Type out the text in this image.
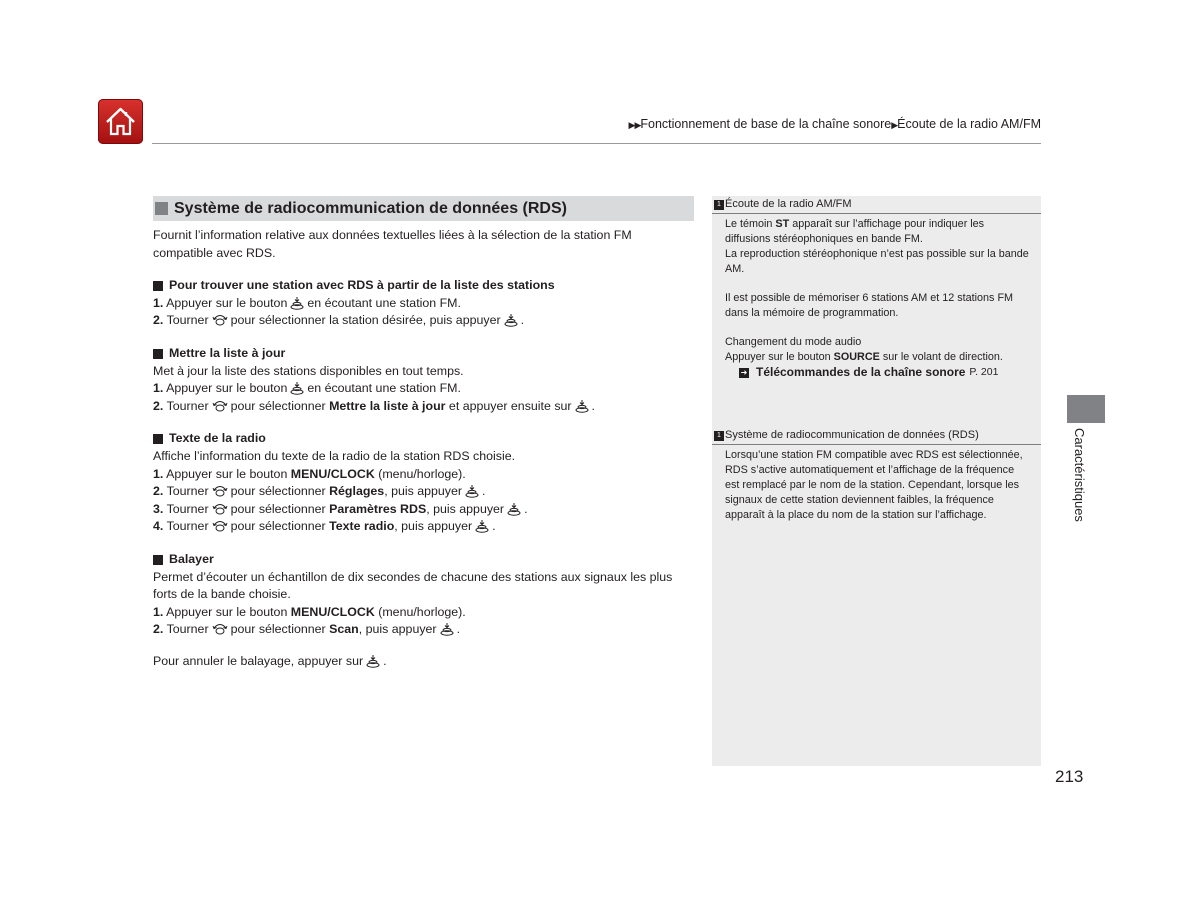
▶▶Fonctionnement de base de la chaîne sonore▶Écoute de la radio AM/FM
Système de radiocommunication de données (RDS)

Fournit l’information relative aux données textuelles liées à la sélection de la station FM compatible avec RDS.

Pour trouver une station avec RDS à partir de la liste des stations
1. Appuyer sur le bouton en écoutant une station FM.
2. Tourner pour sélectionner la station désirée, puis appuyer .
Mettre la liste à jour

Met à jour la liste des stations disponibles en tout temps.

1. Appuyer sur le bouton en écoutant une station FM.
2. Tourner pour sélectionner Mettre la liste à jour et appuyer ensuite sur .
Texte de la radio

Affiche l’information du texte de la radio de la station RDS choisie.

1. Appuyer sur le bouton MENU/CLOCK (menu/horloge).
2. Tourner pour sélectionner Réglages, puis appuyer .
3. Tourner pour sélectionner Paramètres RDS, puis appuyer .
4. Tourner pour sélectionner Texte radio, puis appuyer .
Balayer

Permet d’écouter un échantillon de dix secondes de chacune des stations aux signaux les plus forts de la bande choisie.

1. Appuyer sur le bouton MENU/CLOCK (menu/horloge).
2. Tourner pour sélectionner Scan, puis appuyer .
Pour annuler le balayage, appuyer sur .
1 Écoute de la radio AM/FM

Le témoin ST apparaît sur l’affichage pour indiquer les diffusions stéréophoniques en bande FM.

La reproduction stéréophonique n’est pas possible sur la bande AM.

Il est possible de mémoriser 6 stations AM et 12 stations FM dans la mémoire de programmation.

Changement du mode audio

Appuyer sur le bouton SOURCE sur le volant de direction.

➜ Télécommandes de la chaîne sonore P. 201
1 Système de radiocommunication de données (RDS)

Lorsqu’une station FM compatible avec RDS est sélectionnée, RDS s’active automatiquement et l’affichage de la fréquence est remplacé par le nom de la station. Cependant, lorsque les signaux de cette station deviennent faibles, la fréquence apparaît à la place du nom de la station sur l’affichage.	Caractéristiques
213
